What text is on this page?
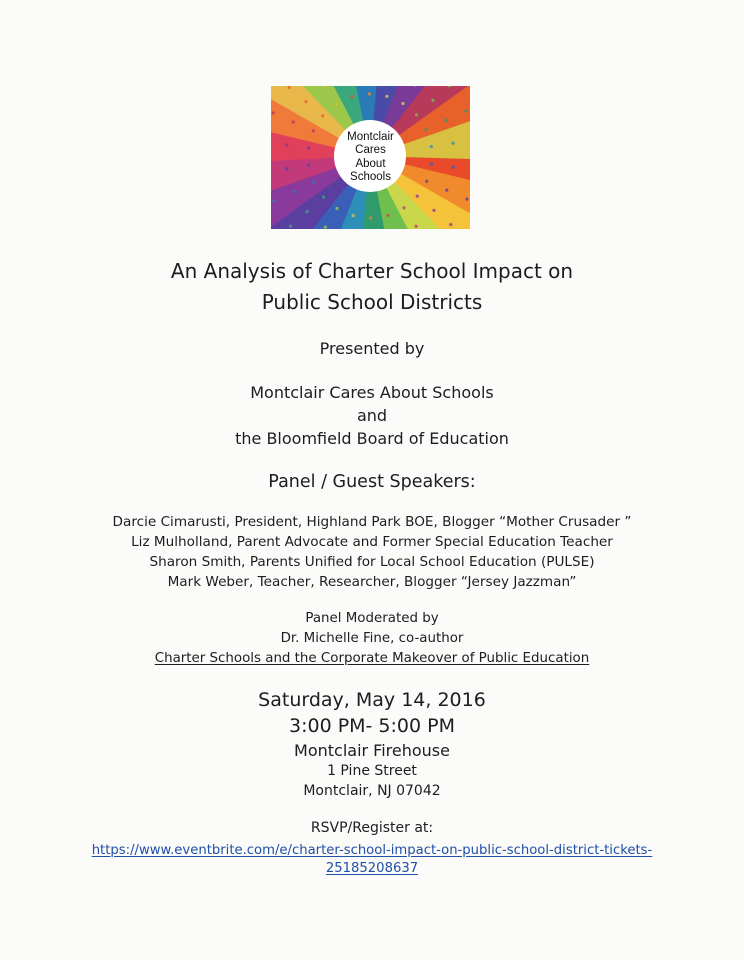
Montclair
Cares
About
Schools
An Analysis of Charter School Impact on
Public School Districts
Presented by
Montclair Cares About Schools
and
the Bloomfield Board of Education
Panel / Guest Speakers:
Darcie Cimarusti, President, Highland Park BOE, Blogger “Mother Crusader ”
Liz Mulholland, Parent Advocate and Former Special Education Teacher
Sharon Smith, Parents Unified for Local School Education (PULSE)
Mark Weber, Teacher, Researcher, Blogger “Jersey Jazzman”
Panel Moderated by
Dr. Michelle Fine, co-author
Charter Schools and the Corporate Makeover of Public Education
Saturday, May 14, 2016
3:00 PM- 5:00 PM
Montclair Firehouse
1 Pine Street
Montclair, NJ 07042
RSVP/Register at:
https://www.eventbrite.com/e/charter-school-impact-on-public-school-district-tickets-
25185208637
